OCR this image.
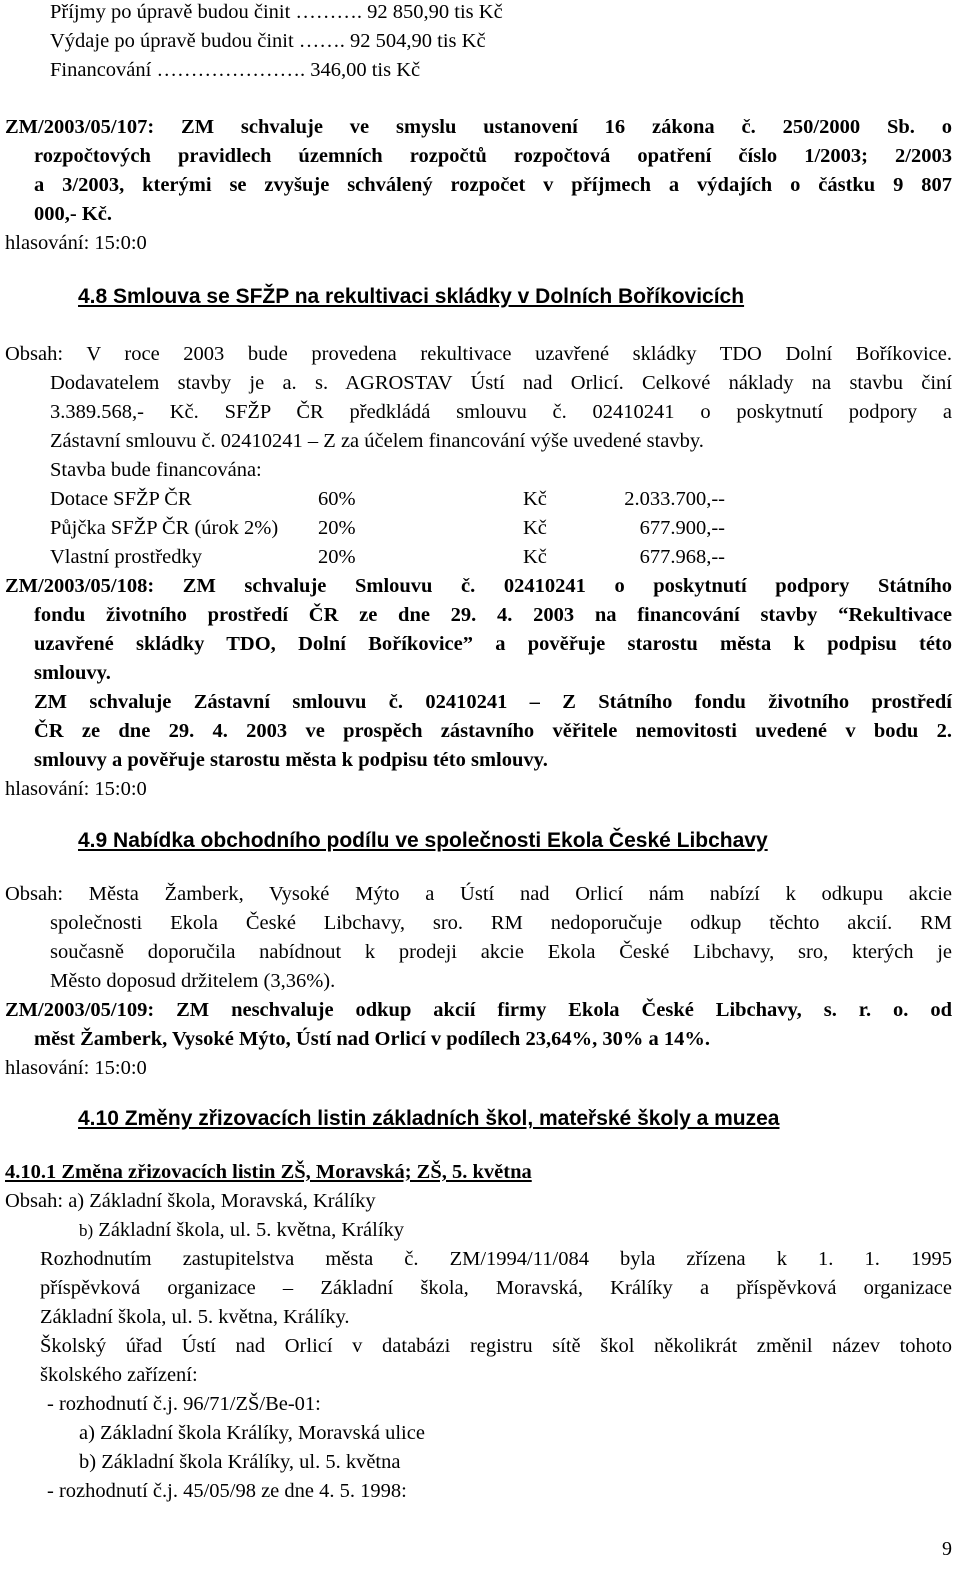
Příjmy po úpravě budou činit ………. 92 850,90 tis Kč
Výdaje po úpravě budou činit ……. 92 504,90 tis Kč
Financování …………………. 346,00 tis Kč
ZM/2003/05/107: ZM schvaluje ve smyslu ustanovení 16 zákona č. 250/2000 Sb. o
rozpočtových pravidlech územních rozpočtů rozpočtová opatření číslo 1/2003; 2/2003
a 3/2003, kterými se zvyšuje schválený rozpočet v příjmech a výdajích o částku 9 807
000,- Kč.
hlasování: 15:0:0
4.8 Smlouva se SFŽP na rekultivaci skládky v Dolních Boříkovicích
Obsah: V roce 2003 bude provedena rekultivace uzavřené skládky TDO Dolní Boříkovice.
Dodavatelem stavby je a. s. AGROSTAV Ústí nad Orlicí. Celkové náklady na stavbu činí
3.389.568,- Kč. SFŽP ČR předkládá smlouvu č. 02410241 o poskytnutí podpory a
Zástavní smlouvu č. 02410241 – Z za účelem financování výše uvedené stavby.
Stavba bude financována:
Dotace SFŽP ČR	60%	Kč	2.033.700,--
Půjčka SFŽP ČR (úrok 2%) 20%	Kč	677.900,--
Vlastní prostředky	20%	Kč	677.968,--
ZM/2003/05/108: ZM schvaluje Smlouvu č. 02410241 o poskytnutí podpory Státního
fondu životního prostředí ČR ze dne 29. 4. 2003 na financování stavby “Rekultivace
uzavřené skládky TDO, Dolní Boříkovice” a pověřuje starostu města k podpisu této
smlouvy.
ZM schvaluje Zástavní smlouvu č. 02410241 – Z Státního fondu životního prostředí
ČR ze dne 29. 4. 2003 ve prospěch zástavního věřitele nemovitosti uvedené v bodu 2.
smlouvy a pověřuje starostu města k podpisu této smlouvy.
hlasování: 15:0:0
4.9 Nabídka obchodního podílu ve společnosti Ekola České Libchavy
Obsah: Města Žamberk, Vysoké Mýto a Ústí nad Orlicí nám nabízí k odkupu akcie
společnosti Ekola České Libchavy, sro. RM nedoporučuje odkup těchto akcií. RM
současně doporučila nabídnout k prodeji akcie Ekola České Libchavy, sro, kterých je
Město doposud držitelem (3,36%).
ZM/2003/05/109: ZM neschvaluje odkup akcií firmy Ekola České Libchavy, s. r. o. od
měst Žamberk, Vysoké Mýto, Ústí nad Orlicí v podílech 23,64%, 30% a 14%.
hlasování: 15:0:0
4.10 Změny zřizovacích listin základních škol, mateřské školy a muzea
4.10.1 Změna zřizovacích listin ZŠ, Moravská; ZŠ, 5. května
Obsah: a) Základní škola, Moravská, Králíky
b) Základní škola, ul. 5. května, Králíky
Rozhodnutím zastupitelstva města č. ZM/1994/11/084 byla zřízena k 1. 1. 1995
příspěvková organizace – Základní škola, Moravská, Králíky a příspěvková organizace
Základní škola, ul. 5. května, Králíky.
Školský úřad Ústí nad Orlicí v databázi registru sítě škol několikrát změnil název tohoto
školského zařízení:
- rozhodnutí č.j. 96/71/ZŠ/Be-01:
a) Základní škola Králíky, Moravská ulice
b) Základní škola Králíky, ul. 5. května
- rozhodnutí č.j. 45/05/98 ze dne 4. 5. 1998:
9
